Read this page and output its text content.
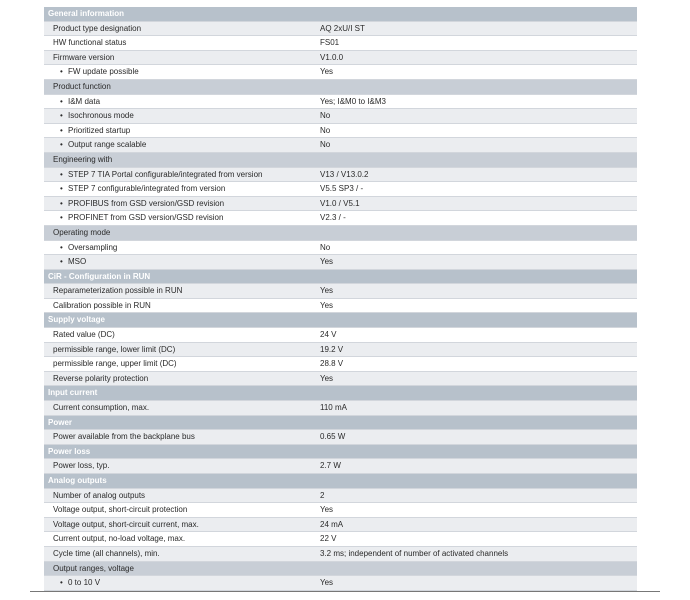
General information
Product type designation	AQ 2xU/I ST
HW functional status	FS01
Firmware version	V1.0.0
• FW update possible	Yes
Product function
• I&M data	Yes; I&M0 to I&M3
• Isochronous mode	No
• Prioritized startup	No
• Output range scalable	No
Engineering with
• STEP 7 TIA Portal configurable/integrated from version	V13 / V13.0.2
• STEP 7 configurable/integrated from version	V5.5 SP3 / -
• PROFIBUS from GSD version/GSD revision	V1.0 / V5.1
• PROFINET from GSD version/GSD revision	V2.3 / -
Operating mode
• Oversampling	No
• MSO	Yes
CiR - Configuration in RUN
Reparameterization possible in RUN	Yes
Calibration possible in RUN	Yes
Supply voltage
Rated value (DC)	24 V
permissible range, lower limit (DC)	19.2 V
permissible range, upper limit (DC)	28.8 V
Reverse polarity protection	Yes
Input current
Current consumption, max.	110 mA
Power
Power available from the backplane bus	0.65 W
Power loss
Power loss, typ.	2.7 W
Analog outputs
Number of analog outputs	2
Voltage output, short-circuit protection	Yes
Voltage output, short-circuit current, max.	24 mA
Current output, no-load voltage, max.	22 V
Cycle time (all channels), min.	3.2 ms; independent of number of activated channels
Output ranges, voltage
• 0 to 10 V	Yes
